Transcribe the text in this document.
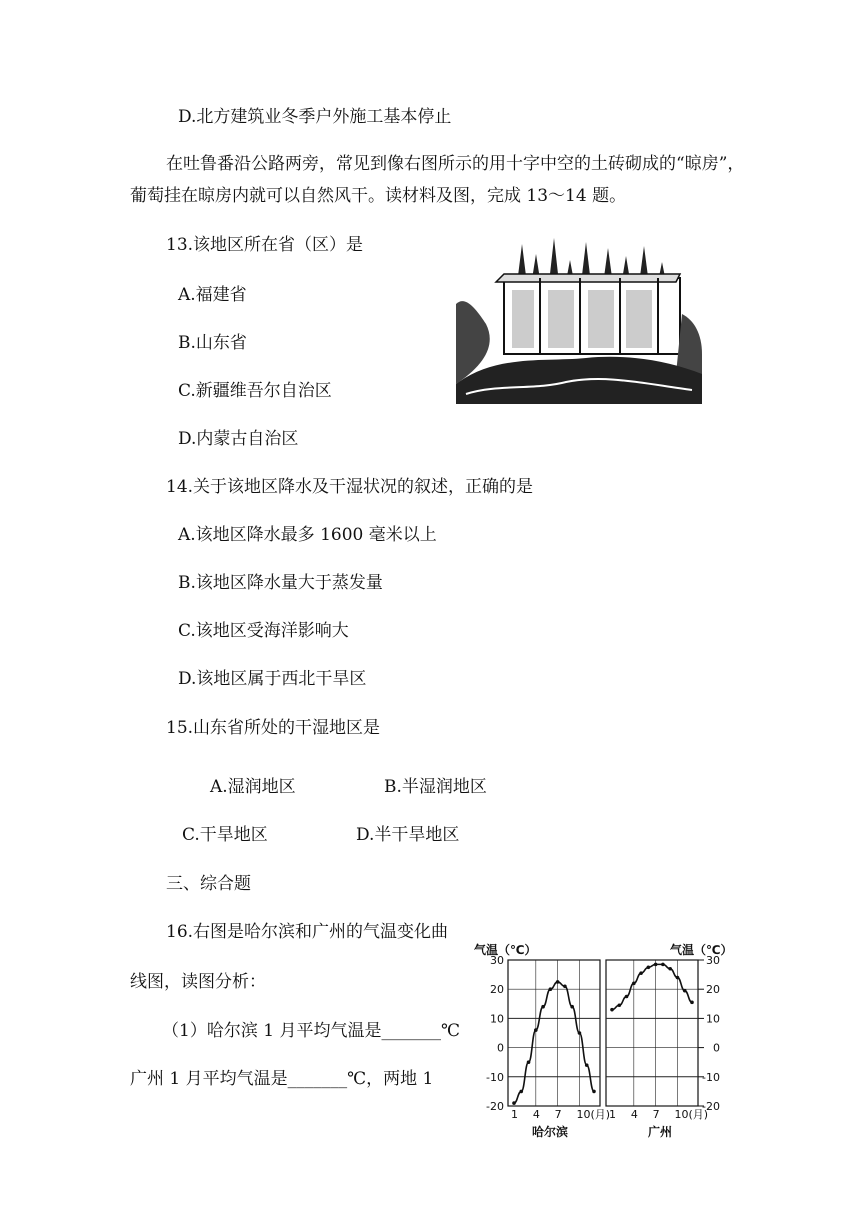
D.北方建筑业冬季户外施工基本停止
在吐鲁番沿公路两旁，常见到像右图所示的用十字中空的土砖砌成的“晾房”，
葡萄挂在晾房内就可以自然风干。读材料及图，完成 13～14 题。
13.该地区所在省（区）是
A.福建省
B.山东省
C.新疆维吾尔自治区
D.内蒙古自治区
14.关于该地区降水及干湿状况的叙述，正确的是
A.该地区降水最多 1600 毫米以上
B.该地区降水量大于蒸发量
C.该地区受海洋影响大
D.该地区属于西北干旱区
15.山东省所处的干湿地区是
A.湿润地区	B.半湿润地区
C.干旱地区	D.半干旱地区
三、综合题
16.右图是哈尔滨和广州的气温变化曲
线图，读图分析：
（1）哈尔滨 1 月平均气温是_______℃
广州 1 月平均气温是_______℃，两地 1
气温（℃）	气温（℃）
哈尔滨	广州
1 4 7 10(月)
1 4 7 10(月)
30	30
20	20
10	10
0	0
-10	-10
-20	-20
